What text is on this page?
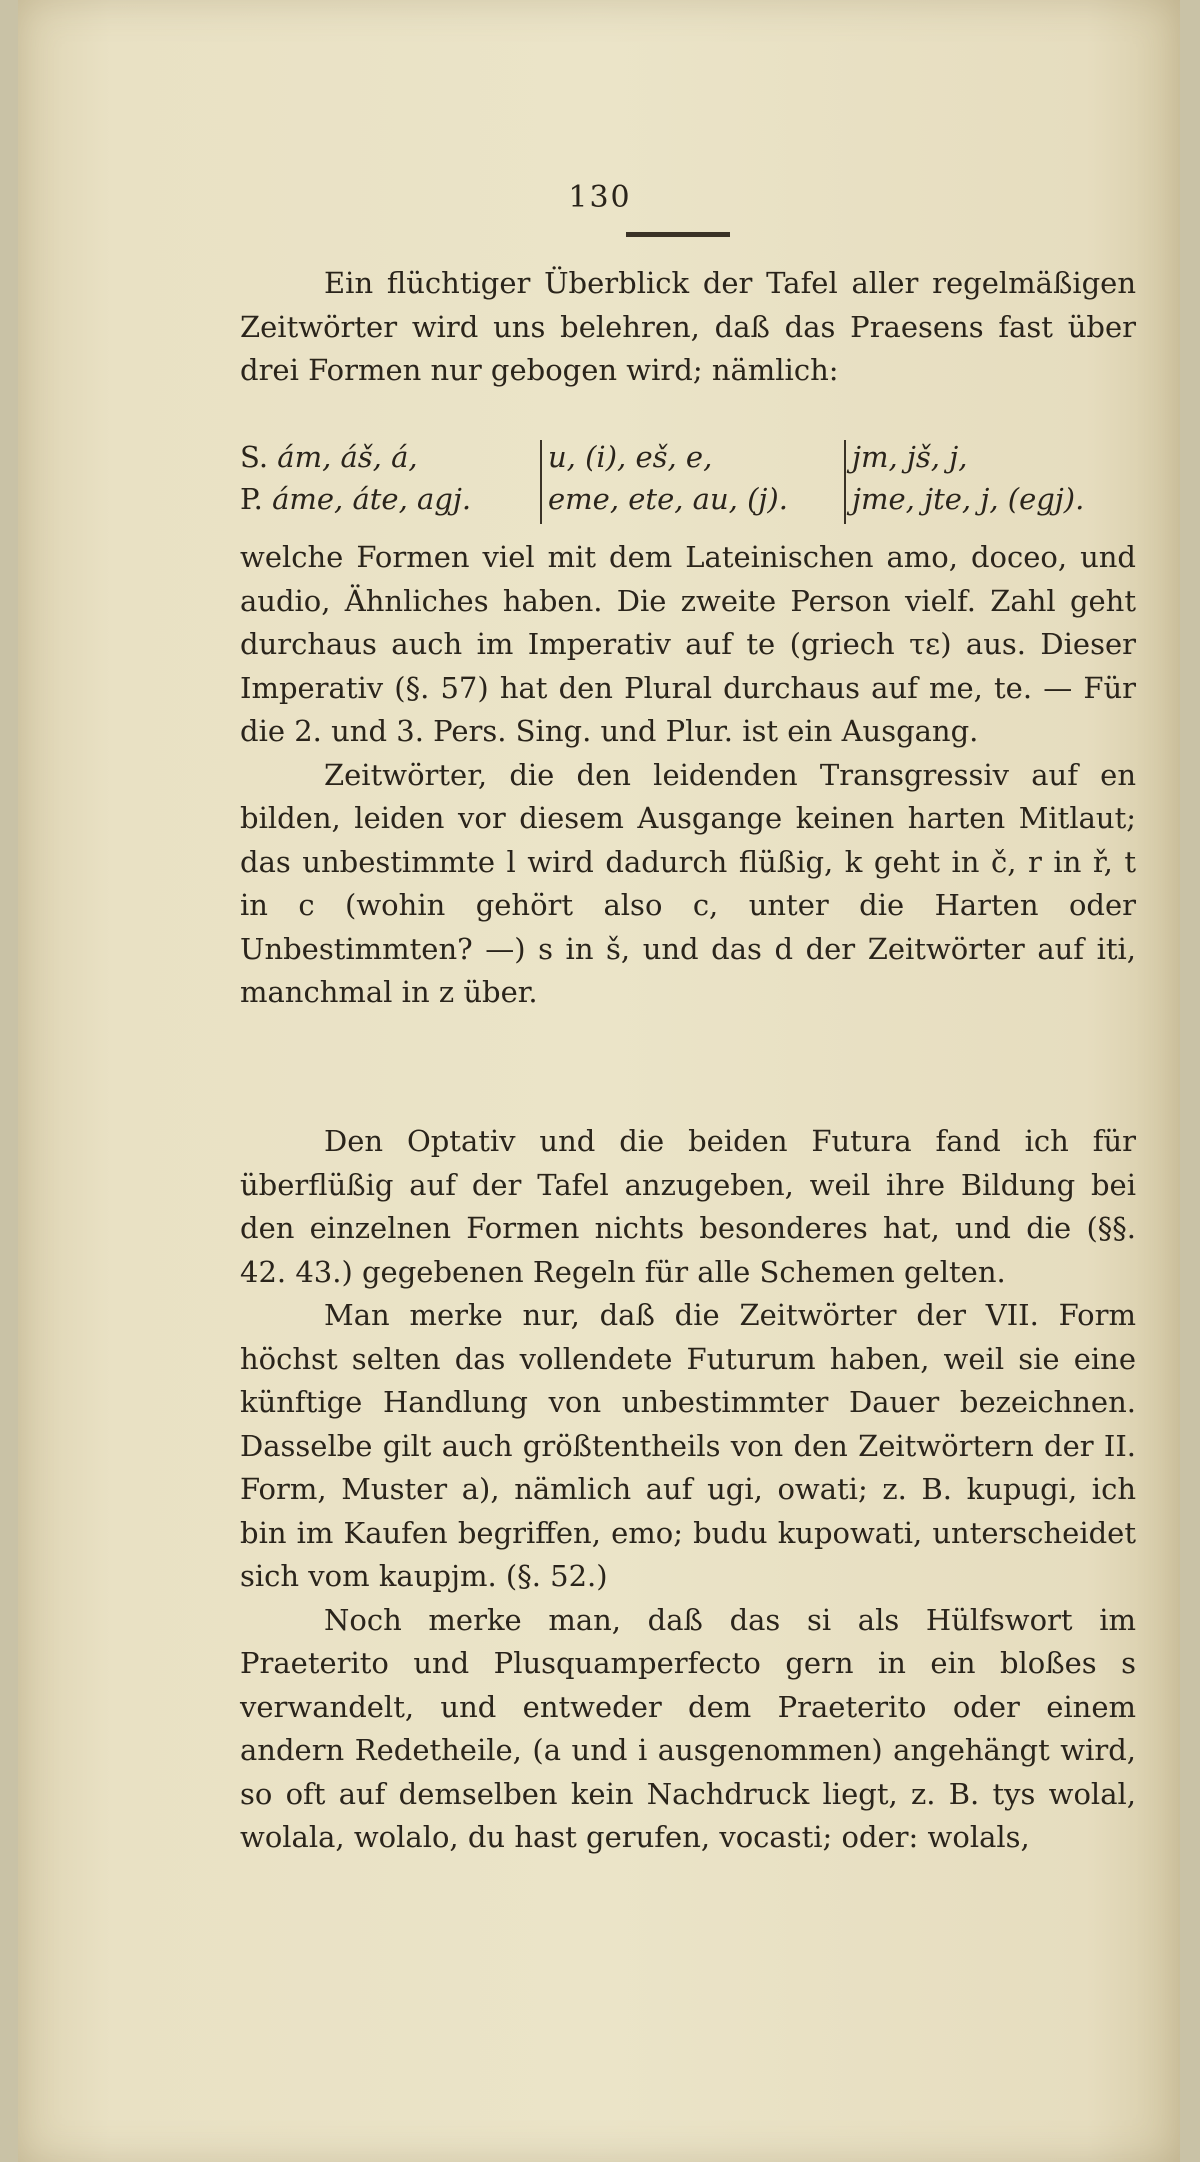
130

Ein flüchtiger Überblick der Tafel aller regelmäßigen Zeitwörter wird uns belehren, daß das Praesens fast über drei Formen nur gebogen wird; nämlich:

S. ám, áš, á,
P. áme, áte, agj.
u, (i), eš, e,
eme, ete, au, (j).
jm, jš, j,
jme, jte, j, (egj).

welche Formen viel mit dem Lateinischen amo, doceo, und audio, Ähnliches haben. Die zweite Person vielf. Zahl geht durchaus auch im Imperativ auf te (griech τε) aus. Dieser Imperativ (§. 57) hat den Plural durchaus auf me, te. — Für die 2. und 3. Pers. Sing. und Plur. ist ein Ausgang.

Zeitwörter, die den leidenden Transgressiv auf en bilden, leiden vor diesem Ausgange keinen harten Mitlaut; das unbestimmte l wird dadurch flüßig, k geht in č, r in ř, t in c (wohin gehört also c, unter die Harten oder Unbestimmten? —) s in š, und das d der Zeitwörter auf iti, manchmal in z über.

Den Optativ und die beiden Futura fand ich für überflüßig auf der Tafel anzugeben, weil ihre Bildung bei den einzelnen Formen nichts besonderes hat, und die (§§. 42. 43.) gegebenen Regeln für alle Schemen gelten.

Man merke nur, daß die Zeitwörter der VII. Form höchst selten das vollendete Futurum haben, weil sie eine künftige Handlung von unbestimmter Dauer bezeichnen. Dasselbe gilt auch größtentheils von den Zeitwörtern der II. Form, Muster a), nämlich auf ugi, owati; z. B. kupugi, ich bin im Kaufen begriffen, emo; budu kupowati, unterscheidet sich vom kaupjm. (§. 52.)

Noch merke man, daß das si als Hülfswort im Praeterito und Plusquamperfecto gern in ein bloßes s verwandelt, und entweder dem Praeterito oder einem andern Redetheile, (a und i ausgenommen) angehängt wird, so oft auf demselben kein Nachdruck liegt, z. B. tys wolal, wolala, wolalo, du hast gerufen, vocasti; oder: wolals,
